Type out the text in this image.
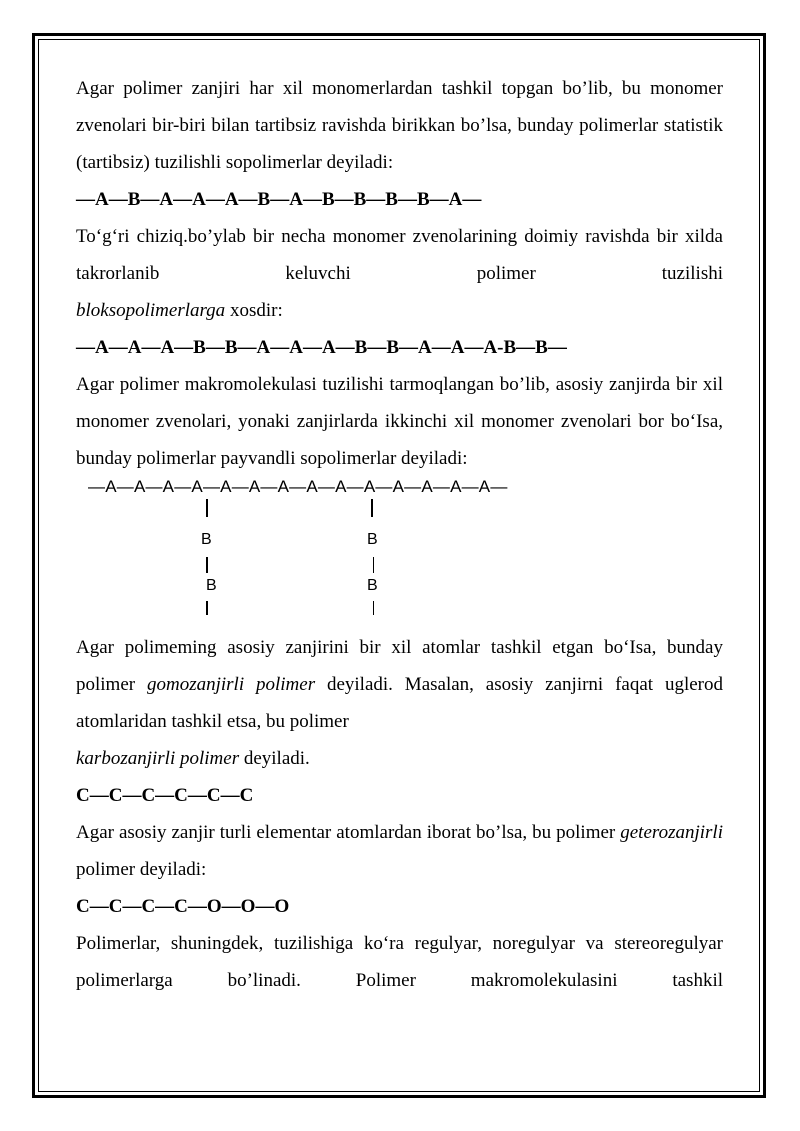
Agar polimer zanjiri har xil monomerlardan tashkil topgan bo’lib, bu monomer zvenolari bir-biri bilan tartibsiz ravishda birikkan bo’lsa, bunday polimerlar statistik (tartibsiz) tuzilishli sopolimerlar deyiladi:

—A—B—A—A—A—B—A—B—B—B—B—A—

To‘g‘ri chiziq.bo’ylab bir necha monomer zvenolarining doimiy ravishda bir xilda takrorlanib keluvchi polimer tuzilishi

bloksopolimerlarga xosdir:

—A—A—A—B—B—A—A—A—B—B—A—A—A-B—B—

Agar polimer makromolekulasi tuzilishi tarmoqlangan bo’lib, asosiy zanjirda bir xil monomer zvenolari, yonaki zanjirlarda ikkinchi xil monomer zvenolari bor bo‘Isa, bunday polimerlar payvandli sopolimerlar deyiladi:

—A—A—A—A—A—A—A—A—A—A—A—A—A—A—
B
B
B
B

Agar polimeming asosiy zanjirini bir xil atomlar tashkil etgan bo‘Isa, bunday polimer gomozanjirli polimer deyiladi. Masalan, asosiy zanjirni faqat uglerod atomlaridan tashkil etsa, bu polimer
karbozanjirli polimer deyiladi.

C—C—C—C—C—C

Agar asosiy zanjir turli elementar atomlardan iborat bo’lsa, bu polimer geterozanjirli polimer deyiladi:

C—C—C—C—O—O—O

Polimerlar, shuningdek, tuzilishiga ko‘ra regulyar, noregulyar va stereoregulyar polimerlarga bo’linadi. Polimer makromolekulasini tashkil
